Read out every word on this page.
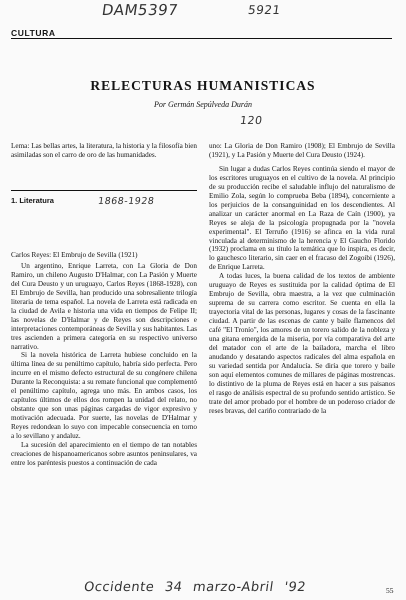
DAM5397	5921
CULTURA
RELECTURAS HUMANISTICAS
Por Germán Sepúlveda Durán
120

Lema: Las bellas artes, la literatura, la historia y la filosofía bien asimiladas son el carro de oro de las humanidades.

1. Literatura	1868-1928

Carlos Reyes: El Embrujo de Sevilla (1921)

Un argentino, Enrique Larreta, con La Gloria de Don Ramiro, un chileno Augusto D'Halmar, con La Pasión y Muerte del Cura Deusto y un uruguayo, Carlos Reyes (1868-1928), con El Embrujo de Sevilla, han producido una sobresaliente trilogía literaria de tema español. La novela de Larreta está radicada en la ciudad de Avila e historia una vida en tiempos de Felipe II; las novelas de D'Halmar y de Reyes son descripciones e interpretaciones contemporáneas de Sevilla y sus habitantes. Las tres ascienden a primera categoría en su respectivo universo narrativo.

Si la novela histórica de Larreta hubiese concluido en la última línea de su penúltimo capítulo, habría sido perfecta. Pero incurre en el mismo defecto estructural de su congénere chilena Durante la Reconquista: a su remate funcional que complementó el penúltimo capítulo, agrega uno más. En ambos casos, los capítulos últimos de ellos dos rompen la unidad del relato, no obstante que son unas páginas cargadas de vigor expresivo y motivación adecuada. Por suerte, las novelas de D'Halmar y Reyes redondean lo suyo con impecable consecuencia en torno a lo sevillano y andaluz.

La sucesión del aparecimiento en el tiempo de tan notables creaciones de hispanoamericanos sobre asuntos peninsulares, va entre los paréntesis puestos a continuación de cada

uno: La Gloria de Don Ramiro (1908); El Embrujo de Sevilla (1921), y La Pasión y Muerte del Cura Deusto (1924).

Sin lugar a dudas Carlos Reyes continúa siendo el mayor de los escritores uruguayos en el cultivo de la novela. Al principio de su producción recibe el saludable influjo del naturalismo de Emilio Zola, según lo comprueba Beba (1894), concerniente a los perjuicios de la consanguinidad en los descendientes. Al analizar un carácter anormal en La Raza de Caín (1900), ya Reyes se aleja de la psicología propugnada por la "novela experimental". El Terruño (1916) se afinca en la vida rural vinculada al determinismo de la herencia y El Gaucho Florido (1932) proclama en su título la temática que lo inspira, es decir, lo gauchesco literario, sin caer en el fracaso del Zogoibi (1926), de Enrique Larreta.

A todas luces, la buena calidad de los textos de ambiente uruguayo de Reyes es sustituida por la calidad óptima de El Embrujo de Sevilla, obra maestra, a la vez que culminación suprema de su carrera como escritor. Se cuenta en ella la trayectoria vital de las personas, lugares y cosas de la fascinante ciudad. A partir de las escenas de cante y baile flamencos del café "El Tronío", los amores de un torero salido de la nobleza y una gitana emergida de la miseria, por vía comparativa del arte del matador con el arte de la bailadora, marcha el libro anudando y desatando aspectos radicales del alma española en su variedad sentida por Andalucía. Se diría que torero y baile son aquí elementos comunes de millares de páginas mostrencas. lo distintivo de la pluma de Reyes está en hacer a sus paisanos el rasgo de análisis espectral de su profundo sentido artístico. Se trate del amor probado por el hombre de un poderoso criador de reses bravas, del cariño contrariado de la

Occidente 34 marzo-Abril '92	55
